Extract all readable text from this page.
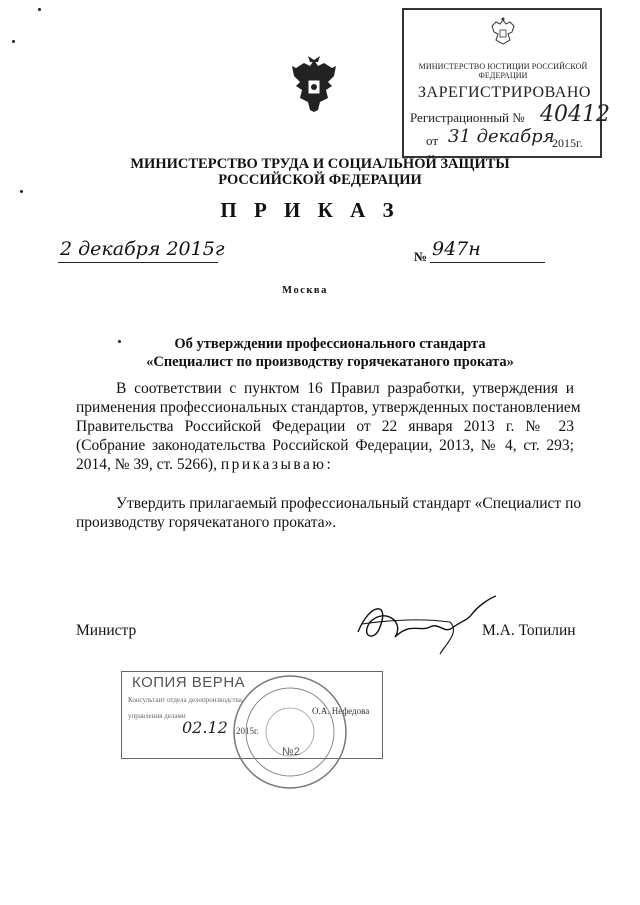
МИНИСТЕРСТВО ЮСТИЦИИ РОССИЙСКОЙ ФЕДЕРАЦИИ
ЗАРЕГИСТРИРОВАНО
Регистрационный № 40412
от 31 декабря
2015г.
МИНИСТЕРСТВО ТРУДА И СОЦИАЛЬНОЙ ЗАЩИТЫ
РОССИЙСКОЙ ФЕДЕРАЦИИ
П Р И К А З
2 декабря 2015г	№ 947н
Москва
Об утверждении профессионального стандарта
«Специалист по производству горячекатаного проката»
В соответствии с пунктом 16 Правил разработки, утверждения и
применения профессиональных стандартов, утвержденных постановлением
Правительства Российской Федерации от 22 января 2013 г. № 23
(Собрание законодательства Российской Федерации, 2013, № 4, ст. 293;
2014, № 39, ст. 5266), приказываю:
Утвердить прилагаемый профессиональный стандарт «Специалист по
производству горячекатаного проката».
Министр	М.А. Топилин
КОПИЯ ВЕРНА
Консультант отдела делопроизводства
управления делами	О.А. Нефедова
02.12 2015г.
№2
